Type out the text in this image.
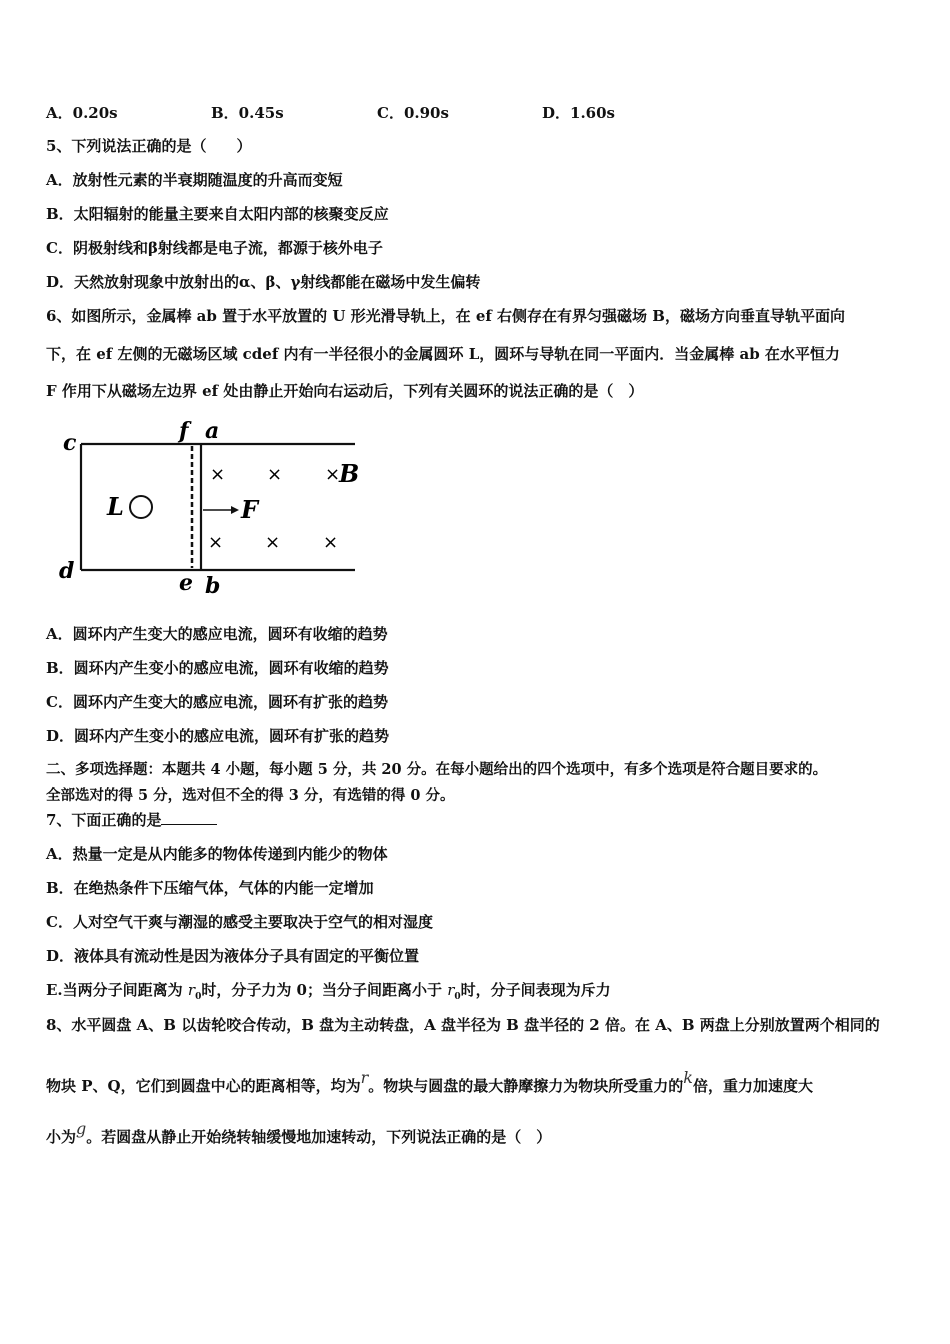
A．0.20s	B．0.45s	C．0.90s	D．1.60s
5、下列说法正确的是（　　）
A．放射性元素的半衰期随温度的升高而变短
B．太阳辐射的能量主要来自太阳内部的核聚变反应
C．阴极射线和β射线都是电子流，都源于核外电子
D．天然放射现象中放射出的α、β、γ射线都能在磁场中发生偏转
6、如图所示，金属棒 ab 置于水平放置的 U 形光滑导轨上，在 ef 右侧存在有界匀强磁场 B，磁场方向垂直导轨平面向
下，在 ef 左侧的无磁场区域 cdef 内有一半径很小的金属圆环 L，圆环与导轨在同一平面内．当金属棒 ab 在水平恒力
F 作用下从磁场左边界 ef 处由静止开始向右运动后，下列有关圆环的说法正确的是（　）
c
d
f a
e b
L	F
B
× × ×
× × ×
A．圆环内产生变大的感应电流，圆环有收缩的趋势
B．圆环内产生变小的感应电流，圆环有收缩的趋势
C．圆环内产生变大的感应电流，圆环有扩张的趋势
D．圆环内产生变小的感应电流，圆环有扩张的趋势
二、多项选择题：本题共 4 小题，每小题 5 分，共 20 分。在每小题给出的四个选项中，有多个选项是符合题目要求的。
全部选对的得 5 分，选对但不全的得 3 分，有选错的得 0 分。
7、下面正确的是
A．热量一定是从内能多的物体传递到内能少的物体
B．在绝热条件下压缩气体，气体的内能一定增加
C．人对空气干爽与潮湿的感受主要取决于空气的相对湿度
D．液体具有流动性是因为液体分子具有固定的平衡位置
E.当两分子间距离为 $r_0$时，分子力为 0；当分子间距离小于 $r_0$时，分子间表现为斥力
8、水平圆盘 A、B 以齿轮咬合传动，B 盘为主动转盘，A 盘半径为 B 盘半径的 2 倍。在 A、B 两盘上分别放置两个相同的
物块 P、Q，它们到圆盘中心的距离相等，均为r。物块与圆盘的最大静摩擦力为物块所受重力的k倍，重力加速度大
小为g。若圆盘从静止开始绕转轴缓慢地加速转动，下列说法正确的是（　）
